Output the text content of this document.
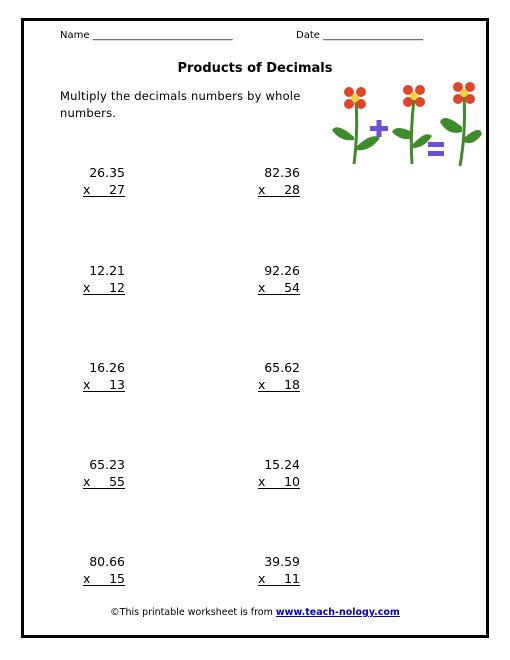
Name ____________________________	Date ____________________
Products of Decimals
Multiply the decimals numbers by whole numbers.
26.35
x 27
82.36
x 28
12.21
x 12
92.26
x 54
16.26
x 13
65.62
x 18
65.23
x 55
15.24
x 10
80.66
x 15
39.59
x 11
©This printable worksheet is from www.teach-nology.com
